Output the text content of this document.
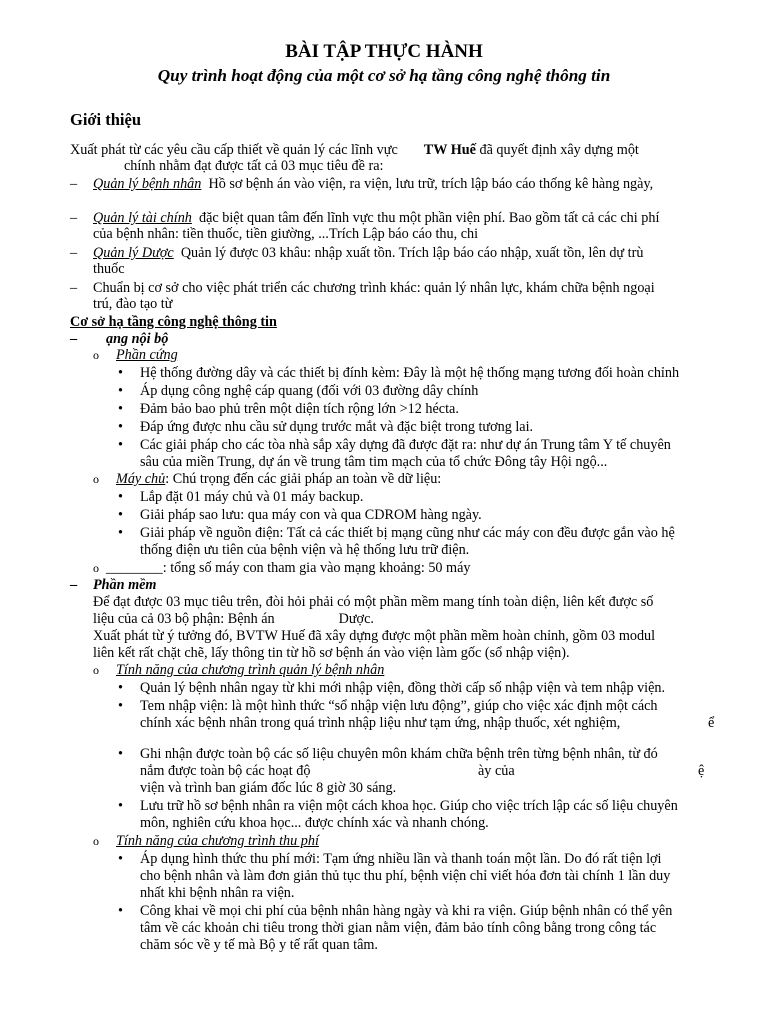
BÀI TẬP THỰC HÀNH
Quy trình hoạt động của một cơ sở hạ tầng công nghệ thông tin
Giới thiệu
Xuất phát từ các yêu cầu cấp thiết về quản lý các lĩnh vực TW Huế đã quyết định xây dựng một
chính nhằm đạt được tất cả 03 mục tiêu đề ra:
– Quản lý bệnh nhân Hồ sơ bệnh án vào viện, ra viện, lưu trữ, trích lập báo cáo thống kê hàng ngày,
– Quản lý tài chính đặc biệt quan tâm đến lĩnh vực thu một phần viện phí. Bao gồm tất cả các chi phí
của bệnh nhân: tiền thuốc, tiền giường, ...Trích Lập báo cáo thu, chi
– Quản lý Dược Quản lý được 03 khâu: nhập xuất tồn. Trích lập báo cáo nhập, xuất tồn, lên dự trù
thuốc
– Chuẩn bị cơ sở cho việc phát triển các chương trình khác: quản lý nhân lực, khám chữa bệnh ngoại
trú, đào tạo từ
Cơ sở hạ tầng công nghệ thông tin
– ạng nội bộ
o Phần cứng
• Hệ thống đường dây và các thiết bị đính kèm: Đây là một hệ thống mạng tương đối hoàn chỉnh
• Áp dụng công nghệ cáp quang (đối với 03 đường dây chính
• Đảm bảo bao phủ trên một diện tích rộng lớn >12 hécta.
• Đáp ứng được nhu cầu sử dụng trước mắt và đặc biệt trong tương lai.
• Các giải pháp cho các tòa nhà sắp xây dựng đã được đặt ra: như dự án Trung tâm Y tế chuyên
sâu của miền Trung, dự án về trung tâm tim mạch của tổ chức Đông tây Hội ngộ...
o Máy chủ: Chú trọng đến các giải pháp an toàn về dữ liệu:
• Lắp đặt 01 máy chủ và 01 máy backup.
• Giải pháp sao lưu: qua máy con và qua CDROM hàng ngày.
• Giải pháp về nguồn điện: Tất cả các thiết bị mạng cũng như các máy con đều được gắn vào hệ
thống điện ưu tiên của bệnh viện và hệ thống lưu trữ điện.
o ________: tổng số máy con tham gia vào mạng khoảng: 50 máy
– Phần mềm
Để đạt được 03 mục tiêu trên, đòi hỏi phải có một phần mềm mang tính toàn diện, liên kết được số
liệu của cả 03 bộ phận: Bệnh án	Dược.
Xuất phát từ ý tưởng đó, BVTW Huế đã xây dựng được một phần mềm hoàn chỉnh, gồm 03 modul
liên kết rất chặt chẽ, lấy thông tin từ hồ sơ bệnh án vào viện làm gốc (sổ nhập viện).
o Tính năng của chương trình quản lý bệnh nhân
• Quản lý bệnh nhân ngay từ khi mới nhập viện, đồng thời cấp số nhập viện và tem nhập viện.
• Tem nhập viện: là một hình thức “sổ nhập viện lưu động”, giúp cho việc xác định một cách
chính xác bệnh nhân trong quá trình nhập liệu như tạm ứng, nhập thuốc, xét nghiệm,	ể
• Ghi nhận được toàn bộ các số liệu chuyên môn khám chữa bệnh trên từng bệnh nhân, từ đó
nắm được toàn bộ các hoạt độ	ày của	ệ
viện và trình ban giám đốc lúc 8 giờ 30 sáng.
• Lưu trữ hồ sơ bệnh nhân ra viện một cách khoa học. Giúp cho việc trích lập các số liệu chuyên
môn, nghiên cứu khoa học... được chính xác và nhanh chóng.
o Tính năng của chương trình thu phí
• Áp dụng hình thức thu phí mới: Tạm ứng nhiều lần và thanh toán một lần. Do đó rất tiện lợi
cho bệnh nhân và làm đơn giản thủ tục thu phí, bệnh viện chỉ viết hóa đơn tài chính 1 lần duy
nhất khi bệnh nhân ra viện.
• Công khai về mọi chi phí của bệnh nhân hàng ngày và khi ra viện. Giúp bệnh nhân có thể yên
tâm về các khoản chi tiêu trong thời gian nằm viện, đảm bảo tính công bằng trong công tác
chăm sóc về y tế mà Bộ y tế rất quan tâm.
